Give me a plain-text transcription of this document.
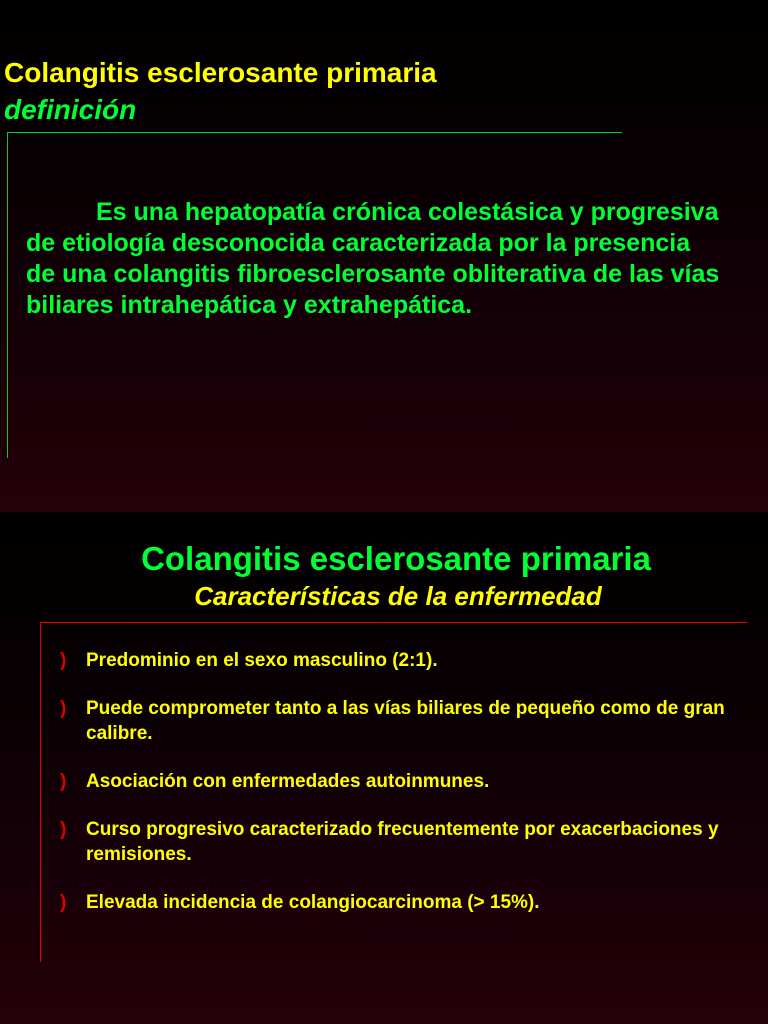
Colangitis esclerosante primaria
definición

Es una hepatopatía crónica colestásica y progresiva de etiología desconocida caracterizada por la presencia de una colangitis fibroesclerosante obliterativa de las vías biliares intrahepática y extrahepática.

Colangitis esclerosante primaria
Características de la enfermedad
) Predominio en el sexo masculino (2:1).
) Puede comprometer tanto a las vías biliares de pequeño como de gran calibre.
) Asociación con enfermedades autoinmunes.
) Curso progresivo caracterizado frecuentemente por exacerbaciones y remisiones.
) Elevada incidencia de colangiocarcinoma (> 15%).
